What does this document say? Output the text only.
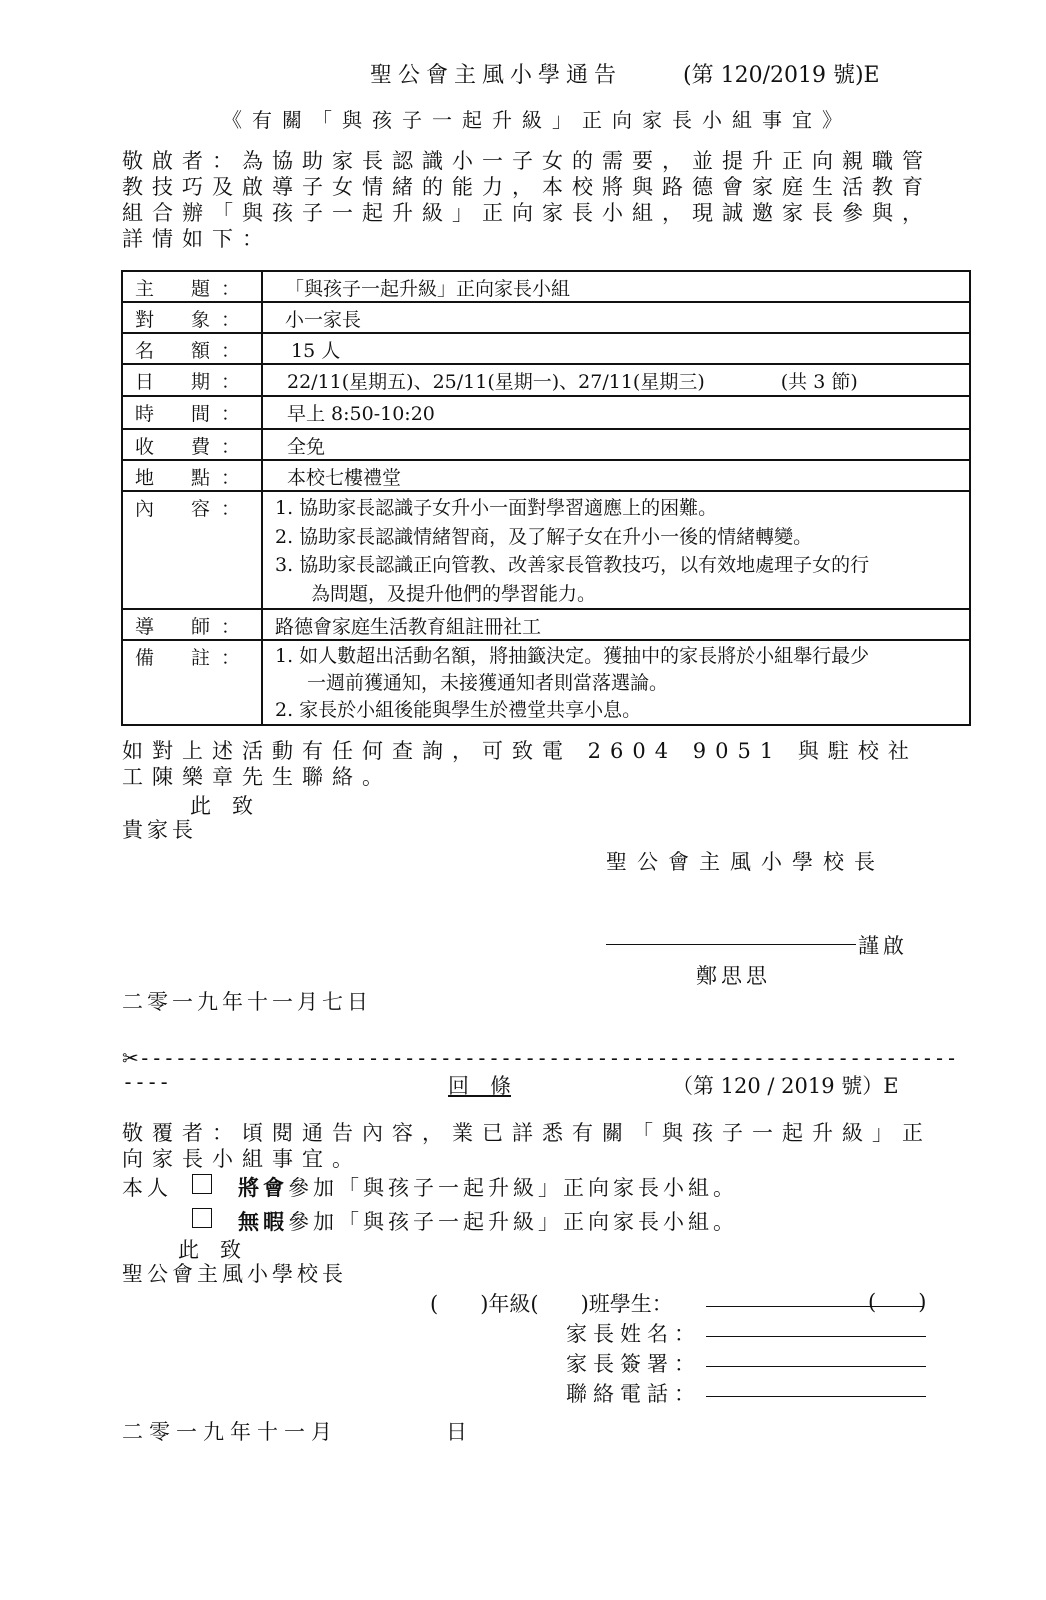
聖公會主風小學通告	(第 120/2019 號)E
《有關「與孩子一起升級」正向家長小組事宜》
敬啟者：為協助家長認識小一子女的需要，並提升正向親職管教技巧及啟導子女情緒的能力，本校將與路德會家庭生活教育組合辦「與孩子一起升級」正向家長小組，現誠邀家長參與，詳情如下：
主 題 ：	「與孩子一起升級」正向家長小組
對 象 ：	小一家長
名 額 ：	15 人
日 期 ：	22/11(星期五)、25/11(星期一)、27/11(星期三) (共 3 節)
時 間 ：	早上 8:50-10:20
收 費 ：	全免
地 點 ：	本校七樓禮堂
內 容 ：	1. 協助家長認識子女升小一面對學習適應上的困難。
2. 協助家長認識情緒智商，及了解子女在升小一後的情緒轉變。
3. 協助家長認識正向管教、改善家長管教技巧，以有效地處理子女的行
為問題，及提升他們的學習能力。

導 師 ：	路德會家庭生活教育組註冊社工
備 註 ：	1. 如人數超出活動名額，將抽籤決定。獲抽中的家長將於小組舉行最少
一週前獲通知，未接獲通知者則當落選論。
2. 家長於小組後能與學生於禮堂共享小息。
如對上述活動有任何查詢，可致電 2604 9051 與駐校社工陳樂章先生聯絡。
此　致
貴家長
聖公會主風小學校長
謹啟
鄭思思
二零一九年十一月七日
✂------------------------------------------------------------------------	回　條	（第 120 / 2019 號）E
敬覆者：頃閱通告內容，業已詳悉有關「與孩子一起升級」正向家長小組事宜。
本人	將會參加「與孩子一起升級」正向家長小組。
無暇參加「與孩子一起升級」正向家長小組。
此　致
聖公會主風小學校長
(　　)年級(　　)班學生：	(　　)
家長姓名：
家長簽署：
聯絡電話：
二零一九年十一月　　　　日
